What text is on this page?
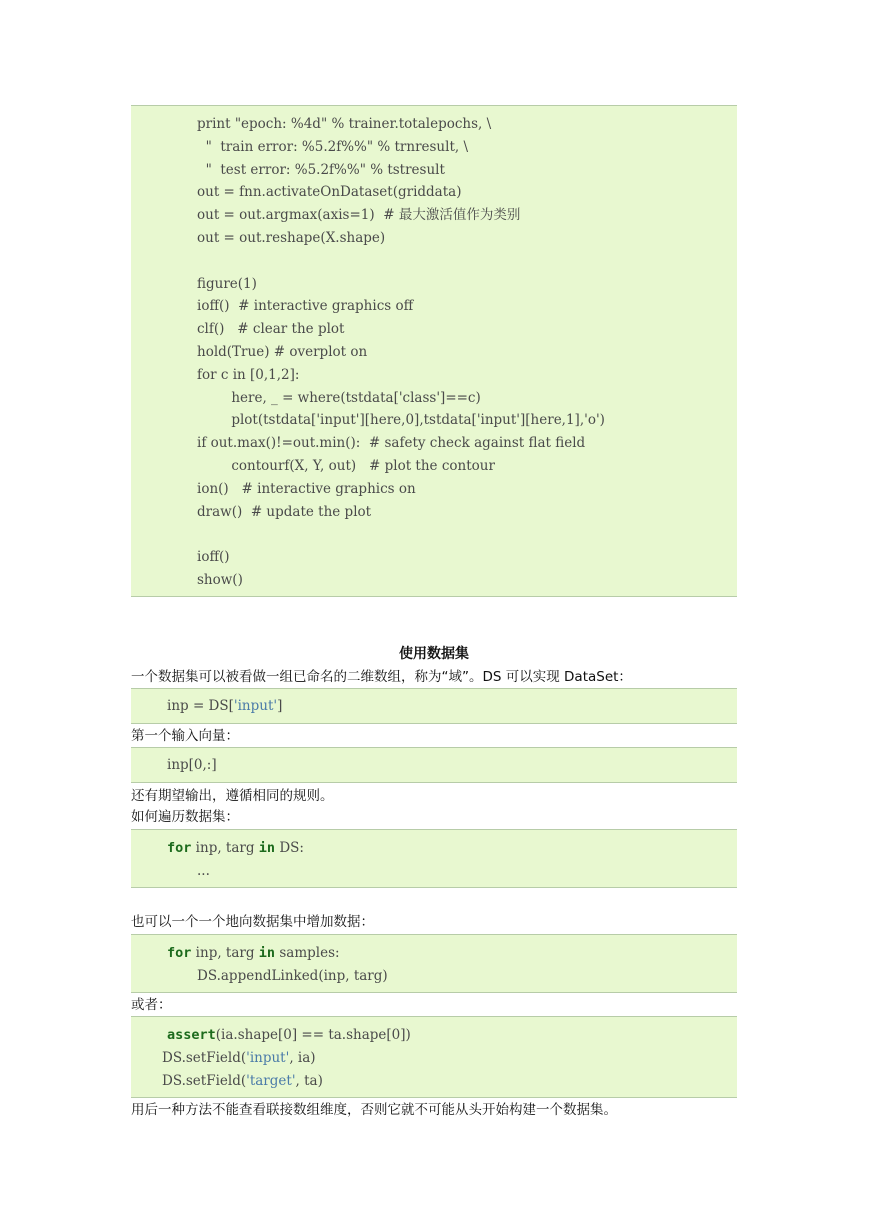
print "epoch: %4d" % trainer.totalepochs, \
"  train error: %5.2f%%" % trnresult, \
"  test error: %5.2f%%" % tstresult
out = fnn.activateOnDataset(griddata)
out = out.argmax(axis=1)  # 最大激活值作为类别
out = out.reshape(X.shape)
figure(1)
ioff()  # interactive graphics off
clf()   # clear the plot
hold(True) # overplot on
for c in [0,1,2]:
here, _ = where(tstdata['class']==c)
plot(tstdata['input'][here,0],tstdata['input'][here,1],'o')
if out.max()!=out.min():  # safety check against flat field
contourf(X, Y, out)   # plot the contour
ion()   # interactive graphics on
draw()  # update the plot
ioff()
show()
使用数据集
一个数据集可以被看做一组已命名的二维数组，称为“域”。DS 可以实现 DataSet：
inp = DS['input']
第一个输入向量：
inp[0,:]
还有期望输出，遵循相同的规则。
如何遍历数据集：
for inp, targ in DS:
...
也可以一个一个地向数据集中增加数据：
for inp, targ in samples:
DS.appendLinked(inp, targ)
或者：
assert(ia.shape[0] == ta.shape[0])
DS.setField('input', ia)
DS.setField('target', ta)
用后一种方法不能查看联接数组维度，否则它就不可能从头开始构建一个数据集。
